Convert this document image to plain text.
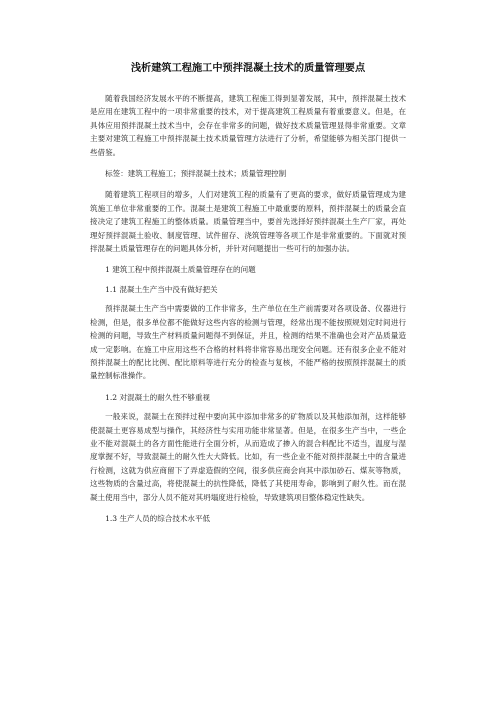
浅析建筑工程施工中预拌混凝土技术的质量管理要点

随着我国经济发展水平的不断提高，建筑工程施工得到显著发展，其中，预拌混凝土技术是应用在建筑工程中的一项非常重要的技术，对于提高建筑工程质量有着重要意义。但是，在具体应用预拌混凝土技术当中，会存在非常多的问题，做好技术质量管理显得非常重要。文章主要对建筑工程施工中预拌混凝土技术质量管理方法进行了分析，希望能够为相关部门提供一些借鉴。

标签：建筑工程施工；预拌混凝土技术；质量管理控制

随着建筑工程项目的增多，人们对建筑工程的质量有了更高的要求，做好质量管理成为建筑施工单位非常重要的工作。混凝土是建筑工程施工中最重要的原料，预拌混凝土的质量会直接决定了建筑工程施工的整体质量。质量管理当中，要首先选择好预拌混凝土生产厂家，再处理好预拌混凝土验收、制度管理、试件留存、浇筑管理等各项工作是非常重要的。下面就对预拌混凝土质量管理存在的问题具体分析，并针对问题提出一些可行的加强办法。

1 建筑工程中预拌混凝土质量管理存在的问题

1.1 混凝土生产当中没有做好把关

预拌混凝土生产当中需要做的工作非常多，生产单位在生产前需要对各项设备、仪器进行检测，但是，很多单位都不能做好这些内容的检测与管理，经常出现不能按照规划定时间进行检测的问题，导致生产材料质量问题得不到保证，并且，检测的结果不准确也会对产品质量造成一定影响。在施工中应用这些不合格的材料将非常容易出现安全问题。还有很多企业不能对预拌混凝土的配比比例、配比原料等进行充分的检查与复核，不能严格的按照预拌混凝土的质量控制标准操作。

1.2 对混凝土的耐久性不够重视

一般来说，混凝土在预拌过程中要向其中添加非常多的矿物质以及其他添加剂，这样能够使混凝土更容易成型与操作，其经济性与实用功能非常显著。但是，在很多生产当中，一些企业不能对混凝土的各方面性能进行全面分析，从而造成了掺入的混合料配比不适当，温度与湿度掌握不好，导致混凝土的耐久性大大降低。比如，有一些企业不能对预拌混凝土中的含量进行检测，这就为供应商留下了弄虚造假的空间，很多供应商会向其中添加砂石、煤灰等物质，这些物质的含量过高，将使混凝土的抗性降低，降低了其使用寿命，影响到了耐久性。而在混凝土使用当中，部分人员不能对其坍塌度进行检验，导致建筑项目整体稳定性缺失。

1.3 生产人员的综合技术水平低
